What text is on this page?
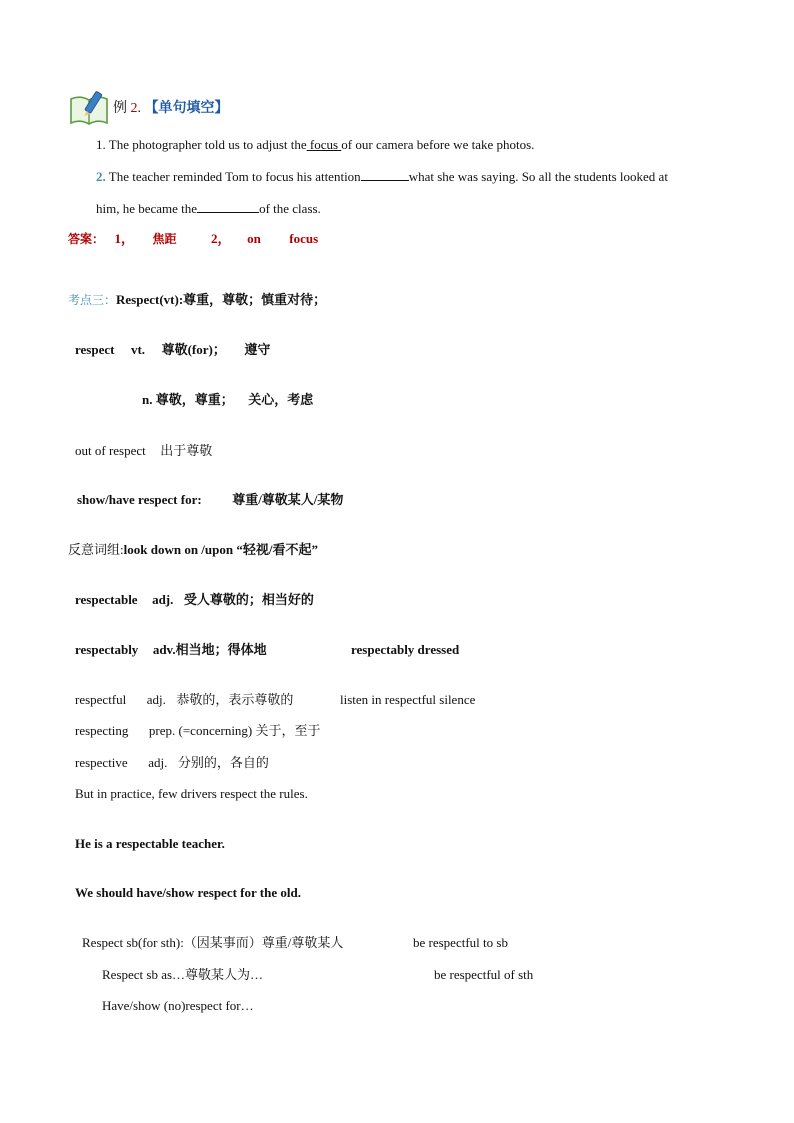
例 2. 【单句填空】
1. The photographer told us to adjust the focus of our camera before we take photos.
2. The teacher reminded Tom to focus his attention	what she was saying. So all the students looked at
him, he became the	of the class.
答案： 1， 焦距	2， on focus
考点三：Respect(vt):尊重，尊敬；慎重对待；
respect vt. 尊敬(for)； 遵守
n. 尊敬，尊重； 关心，考虑
out of respect 出于尊敬
show/have respect for: 尊重/尊敬某人/某物
反意词组:look down on /upon “轻视/看不起”
respectable adj. 受人尊敬的；相当好的
respectably adv.相当地；得体地	respectably dressed
respectful adj. 恭敬的，表示尊敬的	listen in respectful silence
respecting prep. (=concerning) 关于，至于
respective adj. 分别的，各自的
But in practice, few drivers respect the rules.
He is a respectable teacher.
We should have/show respect for the old.
Respect sb(for sth):（因某事而）尊重/尊敬某人	be respectful to sb
Respect sb as…尊敬某人为…	be respectful of sth
Have/show (no)respect for…
